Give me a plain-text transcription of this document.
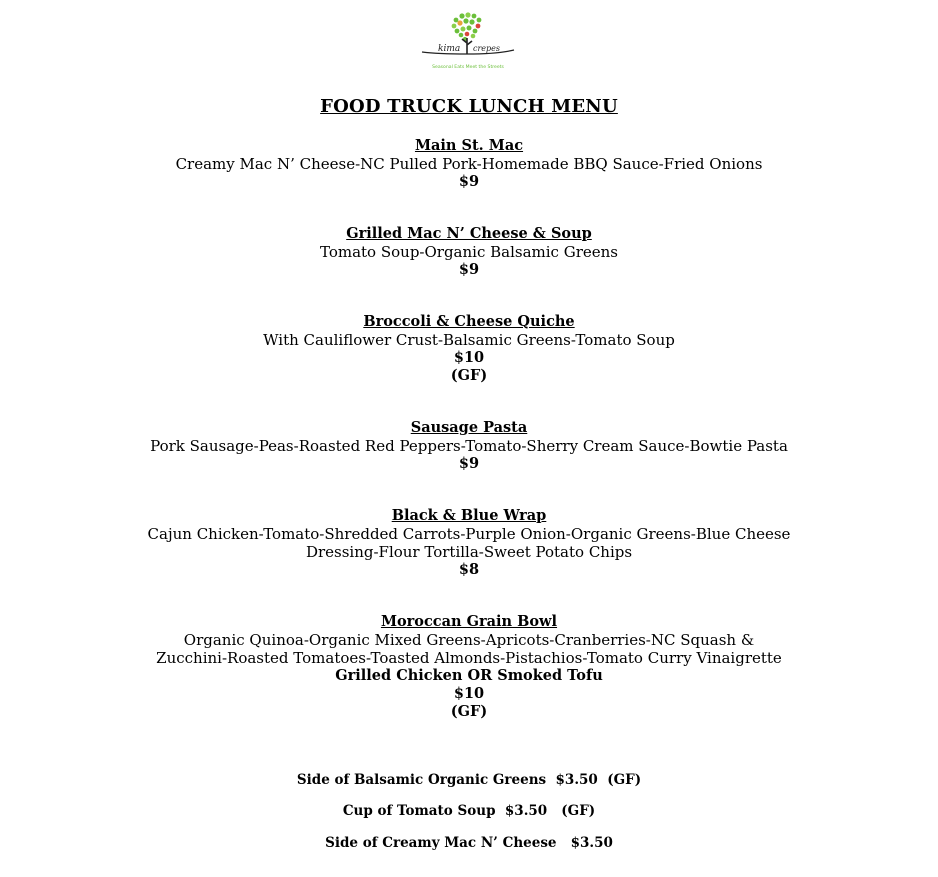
kima crepes
Seasonal Eats Meet the Streets
FOOD TRUCK LUNCH MENU
Main St. Mac
Creamy Mac N’ Cheese-NC Pulled Pork-Homemade BBQ Sauce-Fried Onions
$9
Grilled Mac N’ Cheese & Soup
Tomato Soup-Organic Balsamic Greens
$9
Broccoli & Cheese Quiche
With Cauliflower Crust-Balsamic Greens-Tomato Soup
$10
(GF)
Sausage Pasta
Pork Sausage-Peas-Roasted Red Peppers-Tomato-Sherry Cream Sauce-Bowtie Pasta
$9
Black & Blue Wrap
Cajun Chicken-Tomato-Shredded Carrots-Purple Onion-Organic Greens-Blue Cheese
Dressing-Flour Tortilla-Sweet Potato Chips
$8
Moroccan Grain Bowl
Organic Quinoa-Organic Mixed Greens-Apricots-Cranberries-NC Squash &
Zucchini-Roasted Tomatoes-Toasted Almonds-Pistachios-Tomato Curry Vinaigrette
Grilled Chicken OR Smoked Tofu
$10
(GF)
Side of Balsamic Organic Greens  $3.50  (GF)
Cup of Tomato Soup  $3.50   (GF)
Side of Creamy Mac N’ Cheese   $3.50
